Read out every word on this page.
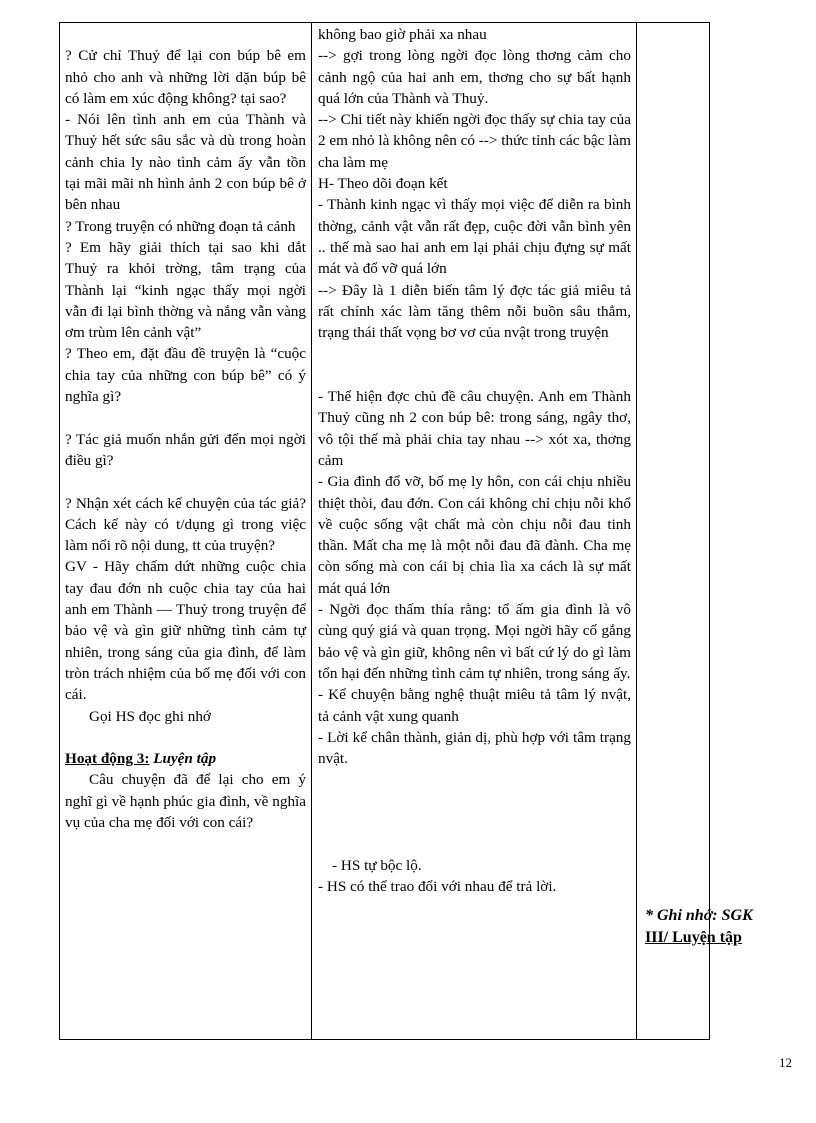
? Cử chỉ Thuỷ để lại con búp bê em nhỏ cho anh và những lời dặn búp bê có làm em xúc động không? tại sao?
- Nói lên tình anh em của Thành và Thuỷ hết sức sâu sắc và dù trong hoàn cảnh chia ly nào tình cảm ấy vẫn tồn tại mãi mãi nh hình ảnh 2 con búp bê ở bên nhau
? Trong truyện có những đoạn tả cảnh
? Em hãy giải thích tại sao khi dắt Thuỷ ra khỏi trờng, tâm trạng của Thành lại “kinh ngạc thấy mọi ngời vẫn đi lại bình thờng và nắng vẫn vàng ơm trùm lên cảnh vật”
? Theo em, đặt đầu đề truyện là “cuộc chia tay của những con búp bê” có ý nghĩa gì?
? Tác giả muốn nhắn gửi đến mọi ngời điều gì?
? Nhận xét cách kể chuyện của tác giả? Cách kể này có t/dụng gì trong việc làm nổi rõ nội dung, tt của truyện?
GV - Hãy chấm dứt những cuộc chia tay đau đớn nh cuộc chia tay của hai anh em Thành — Thuỷ trong truyện để bảo vệ và gìn giữ những tình cảm tự nhiên, trong sáng của gia đình, để làm tròn trách nhiệm của bố mẹ đối với con cái.
Gọi HS đọc ghi nhớ
Hoạt động 3: Luyện tập
Câu chuyện đã để lại cho em ý nghĩ gì về hạnh phúc gia đình, về nghĩa vụ của cha mẹ đối với con cái?
không bao giờ phải xa nhau
--> gợi trong lòng ngời đọc lòng thơng cảm cho cảnh ngộ của hai anh em, thơng cho sự bất hạnh quá lớn của Thành và Thuỷ.
--> Chi tiết này khiến ngời đọc thấy sự chia tay của 2 em nhỏ là không nên có --> thức tỉnh các bậc làm cha làm mẹ
H- Theo dõi đoạn kết
- Thành kinh ngạc vì thấy mọi việc để diễn ra bình thờng, cảnh vật vẫn rất đẹp, cuộc đời vẫn bình yên .. thế mà sao hai anh em lại phải chịu đựng sự mất mát và đổ vỡ quá lớn
--> Đây là 1 diễn biến tâm lý đợc tác giả miêu tả rất chính xác làm tăng thêm nỗi buồn sâu thẳm, trạng thái thất vọng bơ vơ của nvật trong truyện
- Thể hiện đợc chủ đề câu chuyện. Anh em Thành Thuỷ cũng nh 2 con búp bê: trong sáng, ngây thơ, vô tội thế mà phải chia tay nhau --> xót xa, thơng cảm
- Gia đình đổ vỡ, bố mẹ ly hôn, con cái chịu nhiều thiệt thòi, đau đớn. Con cái không chỉ chịu nỗi khổ về cuộc sống vật chất mà còn chịu nỗi đau tinh thần. Mất cha mẹ là một nỗi đau đã đành. Cha mẹ còn sống mà con cái bị chia lìa xa cách là sự mất mát quá lớn
- Ngời đọc thấm thía rằng: tổ ấm gia đình là vô cùng quý giá và quan trọng. Mọi ngời hãy cố gắng bảo vệ và gìn giữ, không nên vì bất cứ lý do gì làm tổn hại đến những tình cảm tự nhiên, trong sáng ấy.
- Kể chuyện bằng nghệ thuật miêu tả tâm lý nvật, tả cảnh vật xung quanh
- Lời kể chân thành, giản dị, phù hợp với tâm trạng nvật.
- HS tự bộc lộ.
- HS có thể trao đổi với nhau để trả lời.
* Ghi nhớ: SGK
III/ Luyện tập
12
